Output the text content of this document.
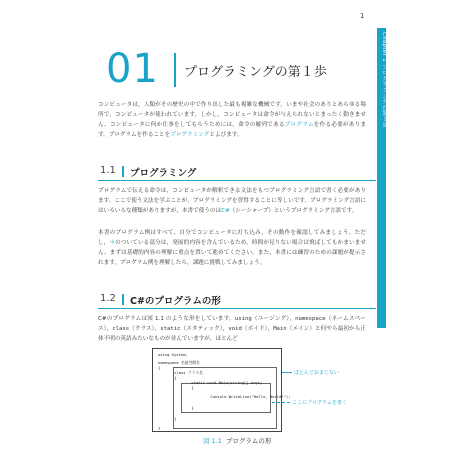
1
Chapter 1 プログラミングの第１歩
01 プログラミングの第１歩

コンピュータは，人類がその歴史の中で作り出した最も複雑な機械です。いまや社会のありとあらゆる場所で，コンピュータが使われています。しかし，コンピュータは命令が与えられないとまったく動きません。コンピュータに何か仕事をしてもらうためには，命令の羅列であるプログラムを作る必要があります。プログラムを作ることをプログラミングとよびます。

1.1 プログラミング

プログラムで伝える命令は，コンピュータが解釈できる文法をもつプログラミング言語で書く必要があります。ここで使う文法を学ぶことが，プログラミングを習得することに等しいです。プログラミング言語にはいろいろな種類がありますが，本書で使うのはC#（シーシャープ）というプログラミング言語です。

本書のプログラム例はすべて，自分でコンピュータに打ち込み，その動作を確認してみましょう。ただし，＊のついている部分は，発展的内容を含んでいるため，時間が見りない場合は飛ばしてもかまいません。まずは基礎的内容の理解に重点を置いて進めてください。また，本書には練習のための課題が提示されます。プログラム例を理解したら，課題に挑戦してみましょう。

1.2 C#のプログラムの形

C#のプログラムは図 1.1 のような形をしています。using（ユージング），namespace（ネームスペース），class（クラス），static（スタティック），void（ボイド），Main（メイン）と何やら最初から正体不明の英語みたいなものが並んでいますが，ほとんど

using System;
namespace 名前空間名
{
class クラス名
{
static void Main(string[] args)
{
Console.WriteLine("Hello, World!");
}
}
}
ほとんどおまじない
ここにプログラムを書く
図 1.1 プログラムの形
